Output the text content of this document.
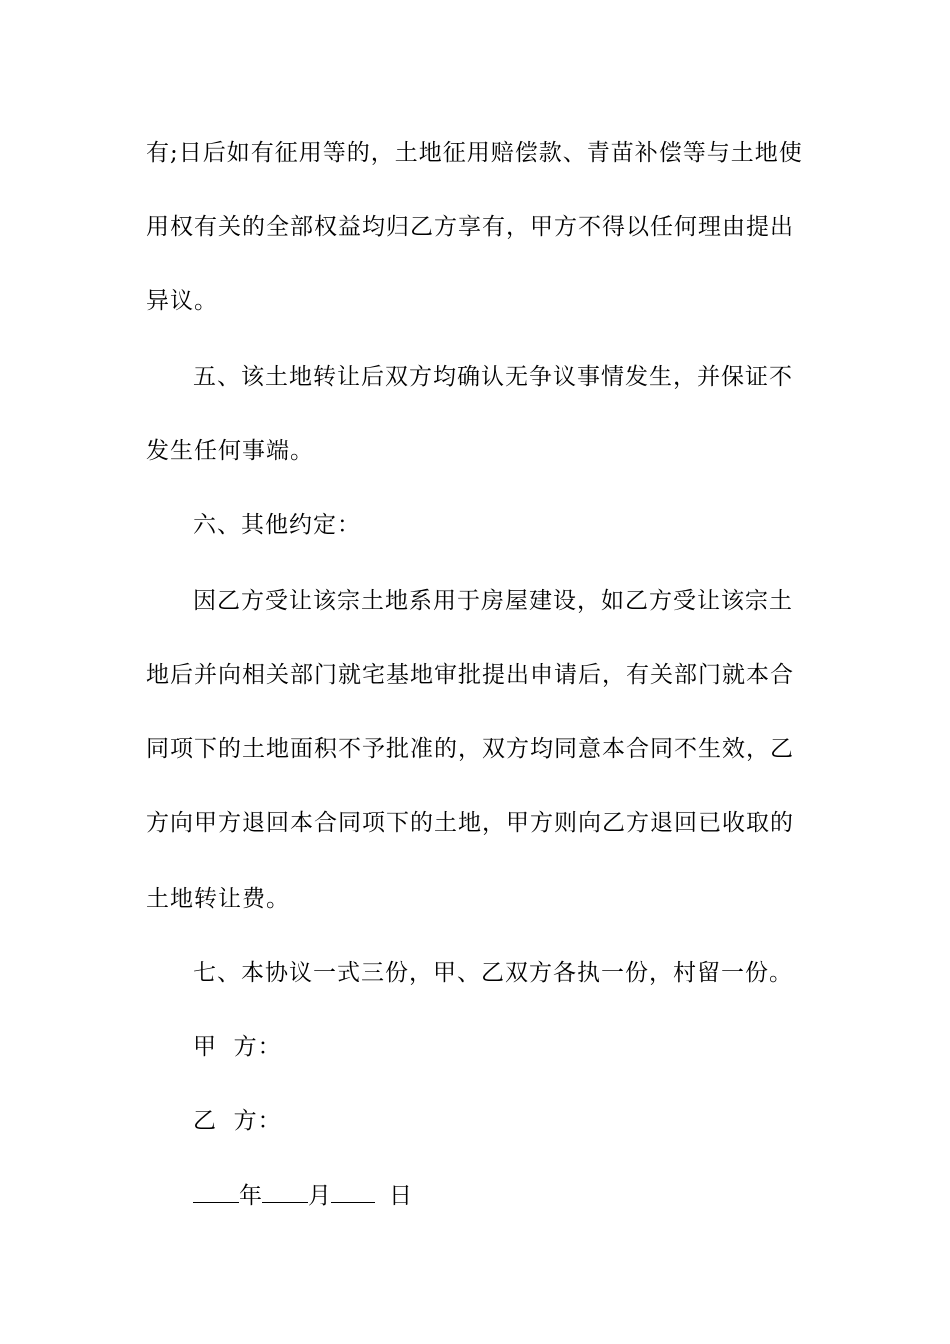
有;日后如有征用等的，土地征用赔偿款、青苗补偿等与土地使
用权有关的全部权益均归乙方享有，甲方不得以任何理由提出
异议。
五、该土地转让后双方均确认无争议事情发生，并保证不
发生任何事端。
六、其他约定：
因乙方受让该宗土地系用于房屋建设，如乙方受让该宗土
地后并向相关部门就宅基地审批提出申请后，有关部门就本合
同项下的土地面积不予批准的，双方均同意本合同不生效，乙
方向甲方退回本合同项下的土地，甲方则向乙方退回已收取的
土地转让费。
七、本协议一式三份，甲、乙双方各执一份，村留一份。
甲  方：
乙  方：
年 月	日
